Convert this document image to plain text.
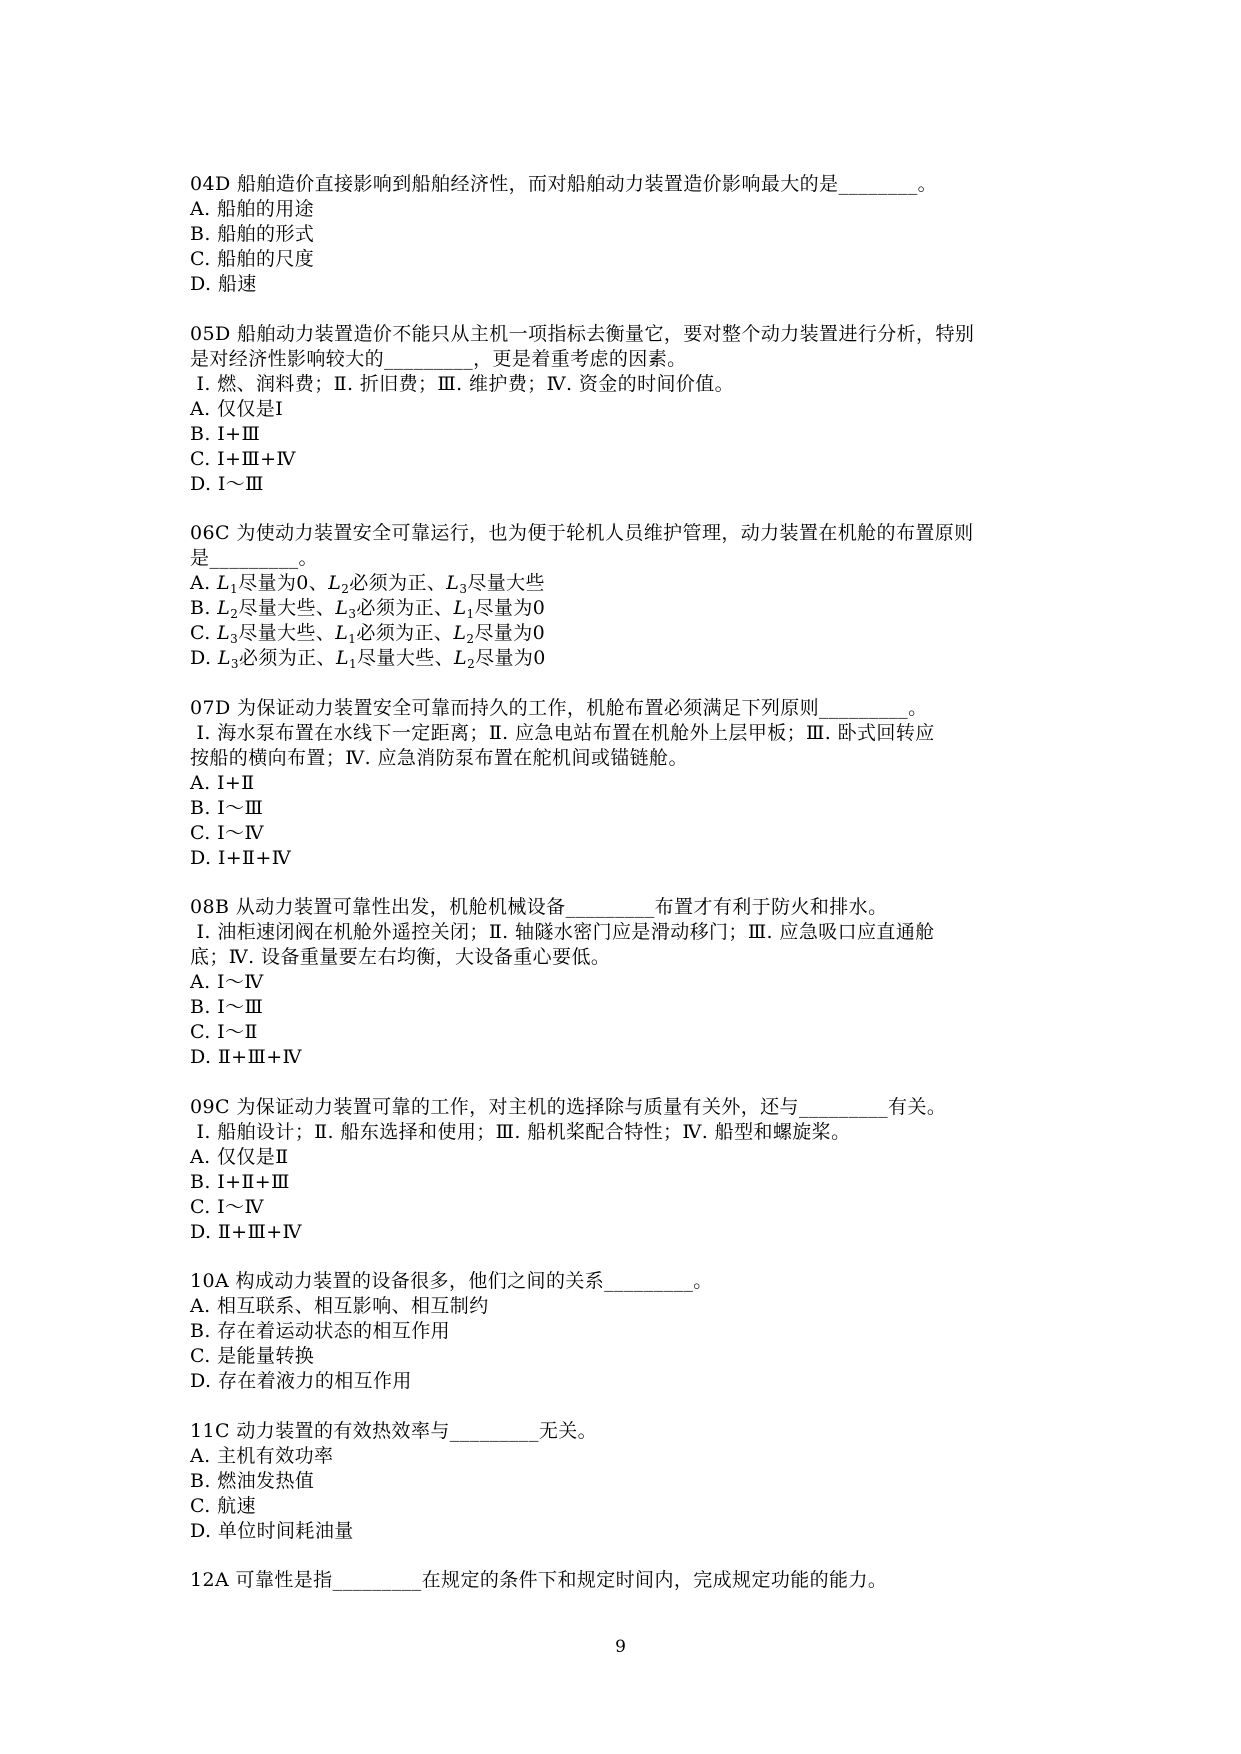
04D 船舶造价直接影响到船舶经济性，而对船舶动力装置造价影响最大的是________。
A. 船舶的用途
B. 船舶的形式
C. 船舶的尺度
D. 船速
05D 船舶动力装置造价不能只从主机一项指标去衡量它，要对整个动力装置进行分析，特别
是对经济性影响较大的_________，更是着重考虑的因素。
Ⅰ. 燃、润料费；Ⅱ. 折旧费；Ⅲ. 维护费；Ⅳ. 资金的时间价值。
A. 仅仅是Ⅰ
B. Ⅰ+Ⅲ
C. Ⅰ+Ⅲ+Ⅳ
D. Ⅰ～Ⅲ
06C 为使动力装置安全可靠运行，也为便于轮机人员维护管理，动力装置在机舱的布置原则
是_________。
A. $L_1$尽量为0、$L_2$必须为正、$L_3$尽量大些
B. $L_2$尽量大些、$L_3$必须为正、$L_1$尽量为0
C. $L_3$尽量大些、$L_1$必须为正、$L_2$尽量为0
D. $L_3$必须为正、$L_1$尽量大些、$L_2$尽量为0
07D 为保证动力装置安全可靠而持久的工作，机舱布置必须满足下列原则_________。
Ⅰ. 海水泵布置在水线下一定距离；Ⅱ. 应急电站布置在机舱外上层甲板；Ⅲ. 卧式回转应
按船的横向布置；Ⅳ. 应急消防泵布置在舵机间或锚链舱。
A. Ⅰ+Ⅱ
B. Ⅰ～Ⅲ
C. Ⅰ～Ⅳ
D. Ⅰ+Ⅱ+Ⅳ
08B 从动力装置可靠性出发，机舱机械设备_________布置才有利于防火和排水。
Ⅰ. 油柜速闭阀在机舱外遥控关闭；Ⅱ. 轴隧水密门应是滑动移门；Ⅲ. 应急吸口应直通舱
底；Ⅳ. 设备重量要左右均衡，大设备重心要低。
A. Ⅰ～Ⅳ
B. Ⅰ～Ⅲ
C. Ⅰ～Ⅱ
D. Ⅱ+Ⅲ+Ⅳ
09C 为保证动力装置可靠的工作，对主机的选择除与质量有关外，还与_________有关。
Ⅰ. 船舶设计；Ⅱ. 船东选择和使用；Ⅲ. 船机桨配合特性；Ⅳ. 船型和螺旋桨。
A. 仅仅是Ⅱ
B. Ⅰ+Ⅱ+Ⅲ
C. Ⅰ～Ⅳ
D. Ⅱ+Ⅲ+Ⅳ
10A 构成动力装置的设备很多，他们之间的关系_________。
A. 相互联系、相互影响、相互制约
B. 存在着运动状态的相互作用
C. 是能量转换
D. 存在着液力的相互作用
11C 动力装置的有效热效率与_________无关。
A. 主机有效功率
B. 燃油发热值
C. 航速
D. 单位时间耗油量
12A 可靠性是指_________在规定的条件下和规定时间内，完成规定功能的能力。
9
